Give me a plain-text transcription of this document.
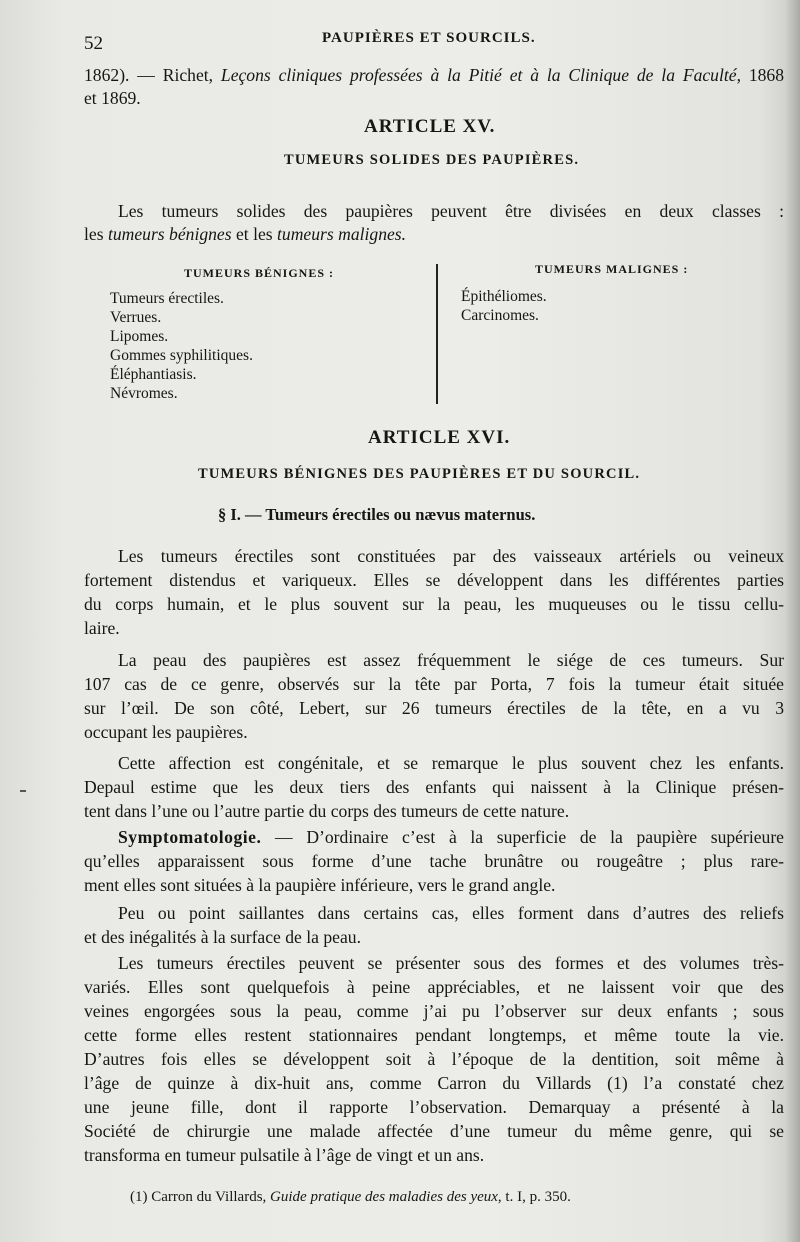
52	PAUPIÈRES ET SOURCILS.
1862). — Richet, Leçons cliniques professées à la Pitié et à la Clinique de la Faculté, 1868
et 1869.
ARTICLE XV.
TUMEURS SOLIDES DES PAUPIÈRES.
Les tumeurs solides des paupières peuvent être divisées en deux classes :
les tumeurs bénignes et les tumeurs malignes.
TUMEURS BÉNIGNES :	TUMEURS MALIGNES :
Tumeurs érectiles.
Verrues.
Lipomes.
Gommes syphilitiques.
Éléphantiasis.
Névromes.
Épithéliomes.
Carcinomes.
ARTICLE XVI.
TUMEURS BÉNIGNES DES PAUPIÈRES ET DU SOURCIL.
§ I. — Tumeurs érectiles ou nævus maternus.
Les tumeurs érectiles sont constituées par des vaisseaux artériels ou veineux
fortement distendus et variqueux. Elles se développent dans les différentes parties
du corps humain, et le plus souvent sur la peau, les muqueuses ou le tissu cellu-
laire.
La peau des paupières est assez fréquemment le siége de ces tumeurs. Sur
107 cas de ce genre, observés sur la tête par Porta, 7 fois la tumeur était située
sur l’œil. De son côté, Lebert, sur 26 tumeurs érectiles de la tête, en a vu 3
occupant les paupières.
Cette affection est congénitale, et se remarque le plus souvent chez les enfants.
Depaul estime que les deux tiers des enfants qui naissent à la Clinique présen-
tent dans l’une ou l’autre partie du corps des tumeurs de cette nature.
Symptomatologie. — D’ordinaire c’est à la superficie de la paupière supérieure
qu’elles apparaissent sous forme d’une tache brunâtre ou rougeâtre ; plus rare-
ment elles sont situées à la paupière inférieure, vers le grand angle.
Peu ou point saillantes dans certains cas, elles forment dans d’autres des reliefs
et des inégalités à la surface de la peau.
Les tumeurs érectiles peuvent se présenter sous des formes et des volumes très-
variés. Elles sont quelquefois à peine appréciables, et ne laissent voir que des
veines engorgées sous la peau, comme j’ai pu l’observer sur deux enfants ; sous
cette forme elles restent stationnaires pendant longtemps, et même toute la vie.
D’autres fois elles se développent soit à l’époque de la dentition, soit même à
l’âge de quinze à dix-huit ans, comme Carron du Villards (1) l’a constaté chez
une jeune fille, dont il rapporte l’observation. Demarquay a présenté à la
Société de chirurgie une malade affectée d’une tumeur du même genre, qui se
transforma en tumeur pulsatile à l’âge de vingt et un ans.
(1) Carron du Villards, Guide pratique des maladies des yeux, t. I, p. 350.
